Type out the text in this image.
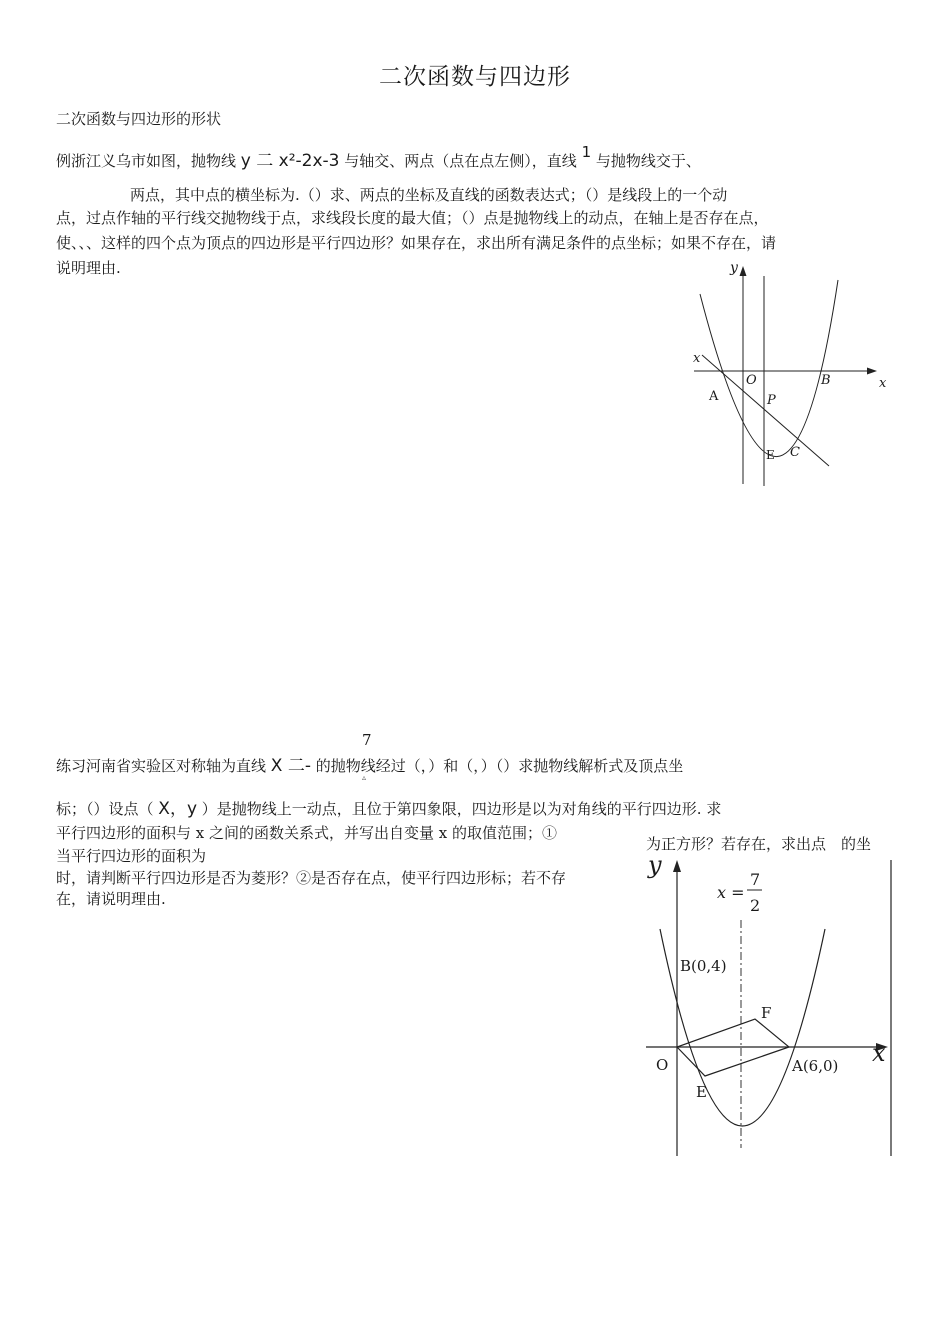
二次函数与四边形
二次函数与四边形的形状
例浙江义乌市如图，抛物线 y 二 x²-2x-3 与轴交、两点（点在点左侧），直线 1 与抛物线交于、
两点，其中点的横坐标为.（）求、两点的坐标及直线的函数表达式；（）是线段上的一个动
点，过点作轴的平行线交抛物线于点，求线段长度的最大值；（）点是抛物线上的动点，在轴上是否存在点，
使、、、这样的四个点为顶点的四边形是平行四边形？如果存在，求出所有满足条件的点坐标；如果不存在，请
说明理由.	y
x
x
O	B
A	P
E C
7
练习河南省实验区对称轴为直线 X 二- 的抛物线经过（，）和（，）（）求抛物线解析式及顶点坐
▵
标；（）设点（ X，y ）是抛物线上一动点，且位于第四象限，四边形是以为对角线的平行四边形. 求
平行四边形的面积与 x 之间的函数关系式，并写出自变量 x 的取值范围；①
当平行四边形的面积为
时，请判断平行四边形是否为菱形？②是否存在点，使平行四边形标；若不存
在，请说明理由.
为正方形？若存在，求出点　的坐
y
x
x =
7
2
B(0,4)
F
O	A(6,0)
E
